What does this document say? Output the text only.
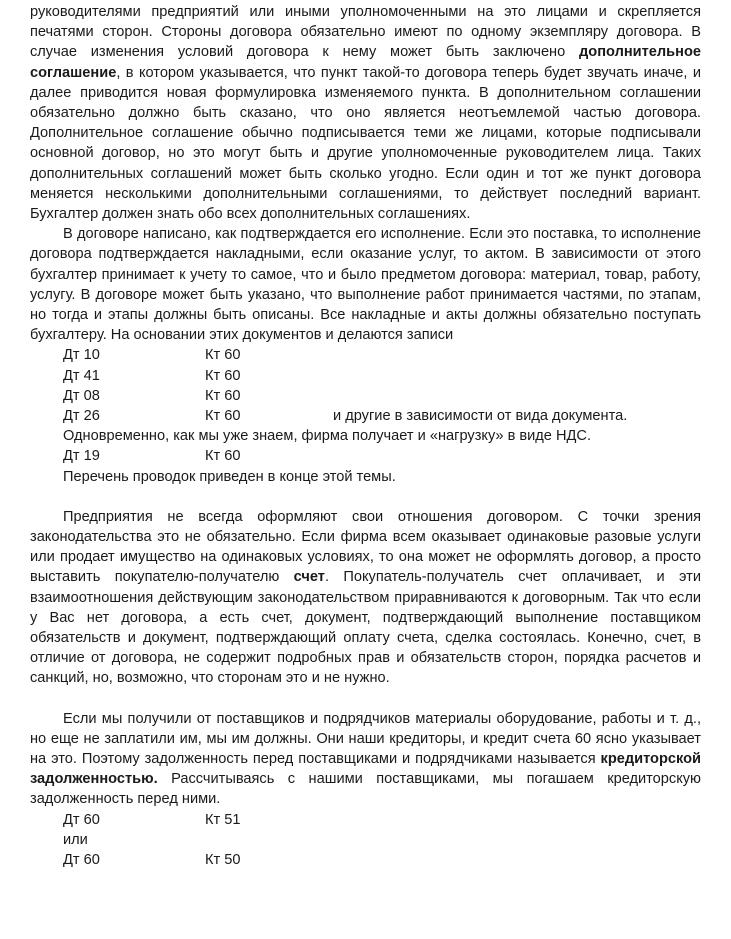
руководителями предприятий или иными уполномоченными на это лицами и скрепляется печатями сторон. Стороны договора обязательно имеют по одному экземпляру договора. В случае изменения условий договора к нему может быть заключено дополнительное соглашение, в котором указывается, что пункт такой-то договора теперь будет звучать иначе, и далее приводится новая формулировка изменяемого пункта. В дополнительном соглашении обязательно должно быть сказано, что оно является неотъемлемой частью договора. Дополнительное соглашение обычно подписывается теми же лицами, которые подписывали основной договор, но это могут быть и другие уполномоченные руководителем лица. Таких дополнительных соглашений может быть сколько угодно. Если один и тот же пункт договора меняется несколькими дополнительными соглашениями, то действует последний вариант. Бухгалтер должен знать обо всех дополнительных соглашениях.

В договоре написано, как подтверждается его исполнение. Если это поставка, то исполнение договора подтверждается накладными, если оказание услуг, то актом. В зависимости от этого бухгалтер принимает к учету то самое, что и было предметом договора: материал, товар, работу, услугу. В договоре может быть указано, что выполнение работ принимается частями, по этапам, но тогда и этапы должны быть описаны. Все накладные и акты должны обязательно поступать бухгалтеру. На основании этих документов и делаются записи

Дт 10	Кт 60
Дт 41	Кт 60
Дт 08	Кт 60
Дт 26	Кт 60	и другие в зависимости от вида документа.
Одновременно, как мы уже знаем, фирма получает и «нагрузку» в виде НДС.
Дт 19	Кт 60
Перечень проводок приведен в конце этой темы.

Предприятия не всегда оформляют свои отношения договором. С точки зрения законодательства это не обязательно. Если фирма всем оказывает одинаковые разовые услуги или продает имущество на одинаковых условиях, то она может не оформлять договор, а просто выставить покупателю-получателю счет. Покупатель-получатель счет оплачивает, и эти взаимоотношения действующим законодательством приравниваются к договорным. Так что если у Вас нет договора, а есть счет, документ, подтверждающий выполнение поставщиком обязательств и документ, подтверждающий оплату счета, сделка состоялась. Конечно, счет, в отличие от договора, не содержит подробных прав и обязательств сторон, порядка расчетов и санкций, но, возможно, что сторонам это и не нужно.

Если мы получили от поставщиков и подрядчиков материалы оборудование, работы и т. д., но еще не заплатили им, мы им должны. Они наши кредиторы, и кредит счета 60 ясно указывает на это. Поэтому задолженность перед поставщиками и подрядчиками называется кредиторской задолженностью. Рассчитываясь с нашими поставщиками, мы погашаем кредиторскую задолженность перед ними.

Дт 60	Кт 51
или
Дт 60	Кт 50
